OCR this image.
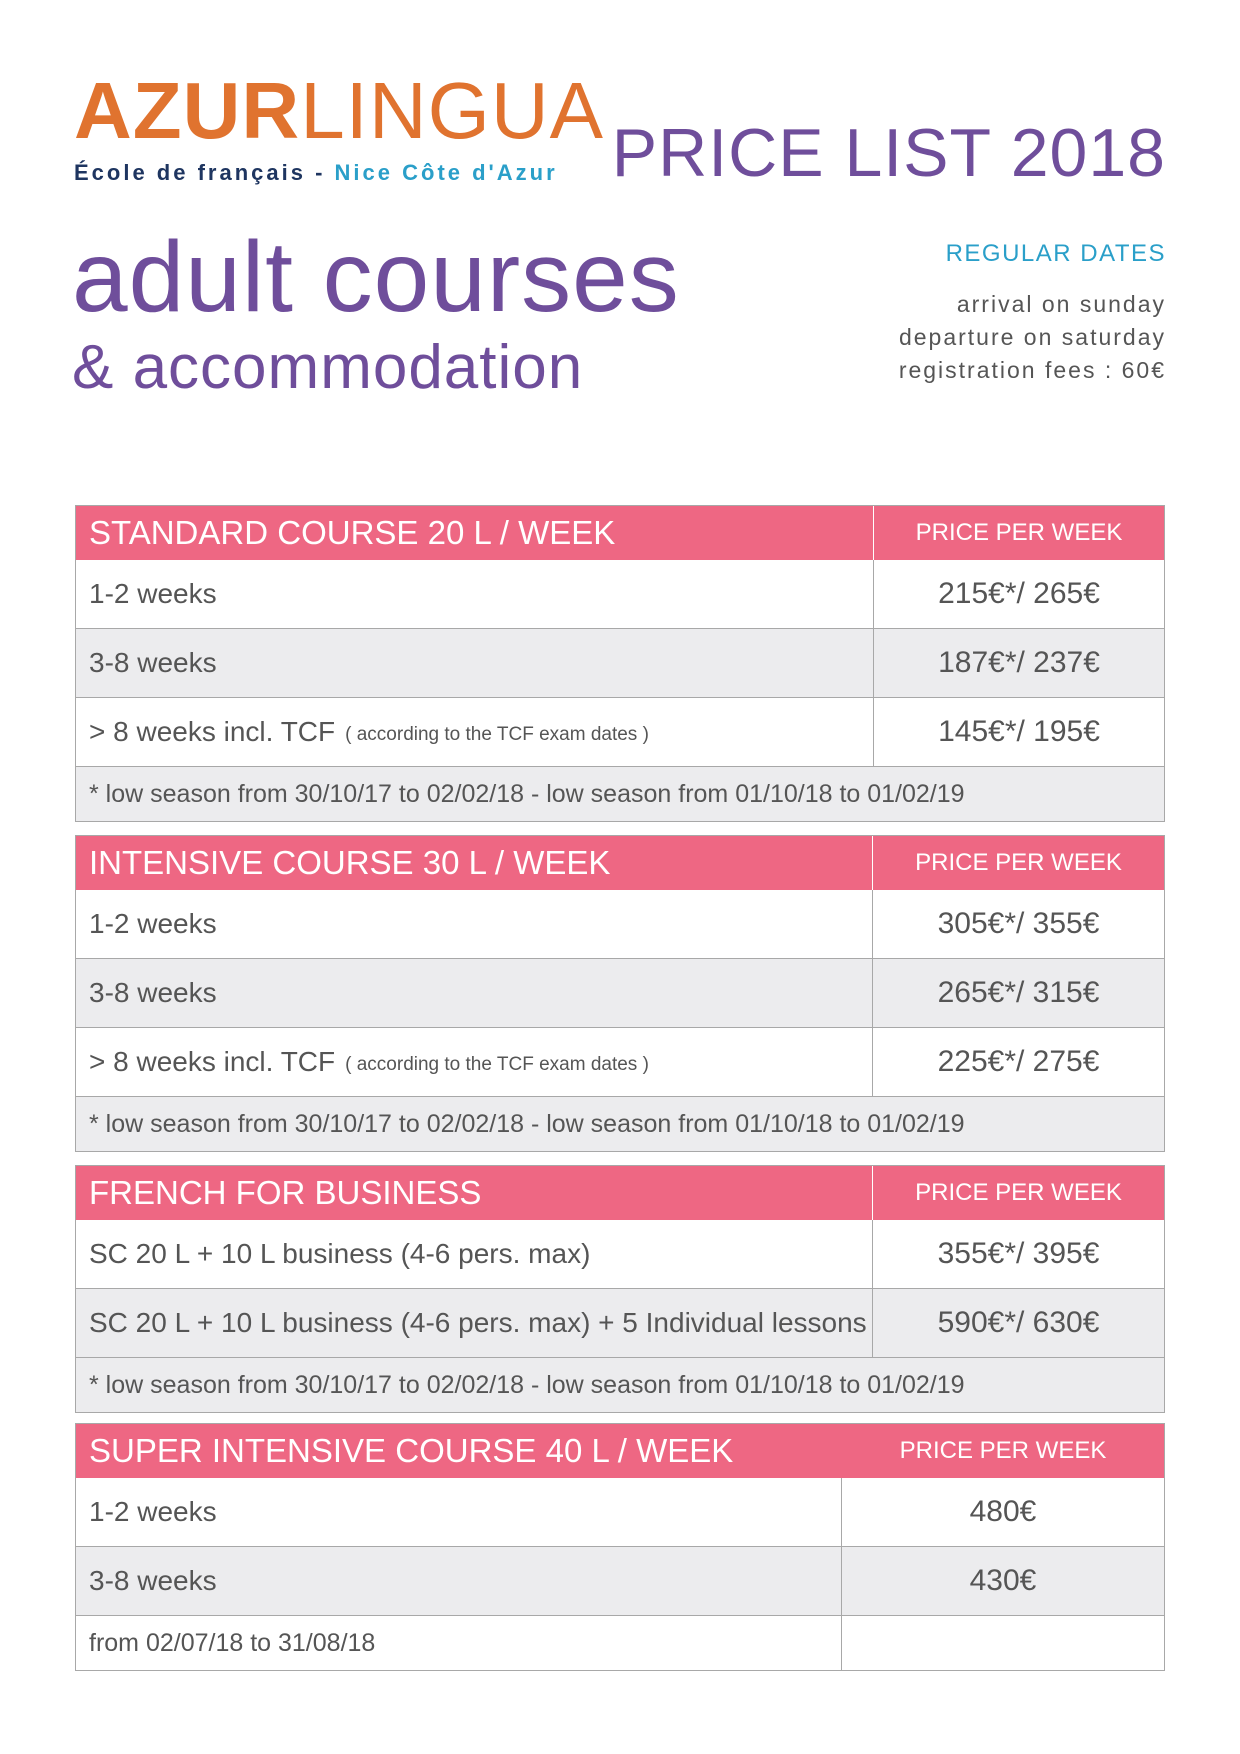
AZURLINGUA
École de français - Nice Côte d'Azur PRICE LIST 2018
adult courses
& accommodation
REGULAR DATES
arrival on sunday
departure on saturday
registration fees : 60€
STANDARD COURSE 20 L / WEEK	PRICE PER WEEK
1-2 weeks	215€*/ 265€
3-8 weeks	187€*/ 237€
> 8 weeks incl. TCF ( according to the TCF exam dates )	145€*/ 195€
* low season from 30/10/17 to 02/02/18 - low season from 01/10/18 to 01/02/19
INTENSIVE COURSE 30 L / WEEK	PRICE PER WEEK
1-2 weeks	305€*/ 355€
3-8 weeks	265€*/ 315€
> 8 weeks incl. TCF ( according to the TCF exam dates )	225€*/ 275€
* low season from 30/10/17 to 02/02/18 - low season from 01/10/18 to 01/02/19
FRENCH FOR BUSINESS	PRICE PER WEEK
SC 20 L + 10 L business (4-6 pers. max)	355€*/ 395€
SC 20 L + 10 L business (4-6 pers. max) + 5 Individual lessons	590€*/ 630€
* low season from 30/10/17 to 02/02/18 - low season from 01/10/18 to 01/02/19
SUPER INTENSIVE COURSE 40 L / WEEK	PRICE PER WEEK
1-2 weeks	480€
3-8 weeks	430€
from 02/07/18 to 31/08/18
